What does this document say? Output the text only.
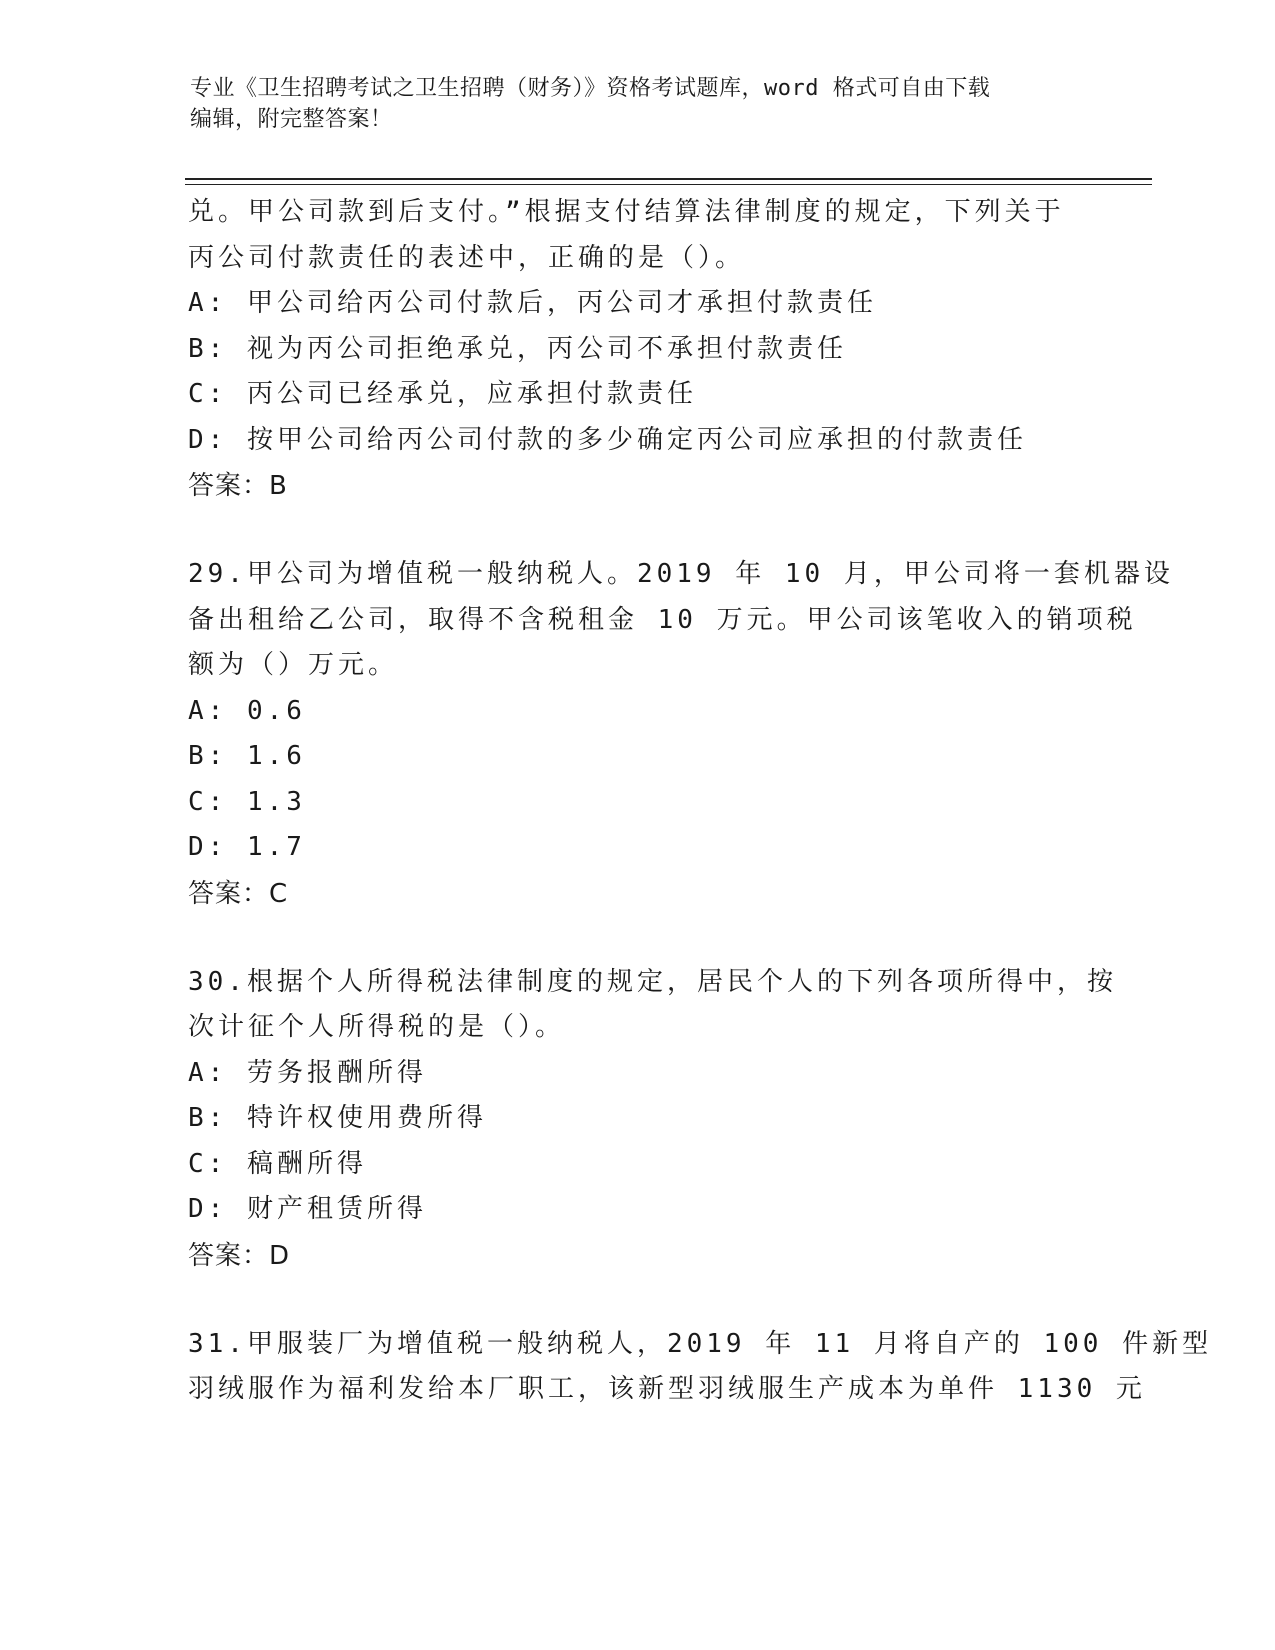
专业《卫生招聘考试之卫生招聘（财务）》资格考试题库，word 格式可自由下载
编辑，附完整答案！
兑。甲公司款到后支付。”根据支付结算法律制度的规定，下列关于
丙公司付款责任的表述中，正确的是（）。
A: 甲公司给丙公司付款后，丙公司才承担付款责任
B: 视为丙公司拒绝承兑，丙公司不承担付款责任
C: 丙公司已经承兑，应承担付款责任
D: 按甲公司给丙公司付款的多少确定丙公司应承担的付款责任
答案：B
29.甲公司为增值税一般纳税人。2019 年 10 月，甲公司将一套机器设
备出租给乙公司，取得不含税租金 10 万元。甲公司该笔收入的销项税
额为（）万元。
A: 0.6
B: 1.6
C: 1.3
D: 1.7
答案：C
30.根据个人所得税法律制度的规定，居民个人的下列各项所得中，按
次计征个人所得税的是（）。
A: 劳务报酬所得
B: 特许权使用费所得
C: 稿酬所得
D: 财产租赁所得
答案：D
31.甲服装厂为增值税一般纳税人，2019 年 11 月将自产的 100 件新型
羽绒服作为福利发给本厂职工，该新型羽绒服生产成本为单件 1130 元
